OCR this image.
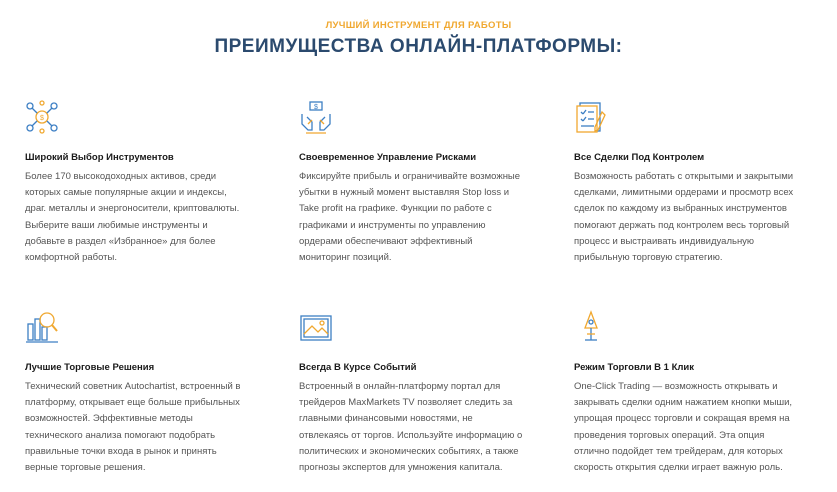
ЛУЧШИЙ ИНСТРУМЕНТ ДЛЯ РАБОТЫ
ПРЕИМУЩЕСТВА ОНЛАЙН-ПЛАТФОРМЫ:
$
Широкий Выбор Инструментов

Более 170 высокодоходных активов, среди которых самые популярные акции и индексы, драг. металлы и энергоносители, криптовалюты. Выберите ваши любимые инструменты и добавьте в раздел «Избранное» для более комфортной работы.

$
Своевременное Управление Рисками

Фиксируйте прибыль и ограничивайте возможные убытки в нужный момент выставляя Stop loss и Take profit на графике. Функции по работе с графиками и инструменты по управлению ордерами обеспечивают эффективный мониторинг позиций.

Все Сделки Под Контролем

Возможность работать с открытыми и закрытыми сделками, лимитными ордерами и просмотр всех сделок по каждому из выбранных инструментов помогают держать под контролем весь торговый процесс и выстраивать индивидуальную прибыльную торговую стратегию.

Лучшие Торговые Решения

Технический советник Autochartist, встроенный в платформу, открывает еще больше прибыльных возможностей. Эффективные методы технического анализа помогают подобрать правильные точки входа в рынок и принять верные торговые решения.

Всегда В Курсе Событий

Встроенный в онлайн-платформу портал для трейдеров MaxMarkets TV позволяет следить за главными финансовыми новостями, не отвлекаясь от торгов. Используйте информацию о политических и экономических событиях, а также прогнозы экспертов для умножения капитала.

Режим Торговли В 1 Клик

One-Click Trading — возможность открывать и закрывать сделки одним нажатием кнопки мыши, упрощая процесс торговли и сокращая время на проведения торговых операций. Эта опция отлично подойдет тем трейдерам, для которых скорость открытия сделки играет важную роль.
